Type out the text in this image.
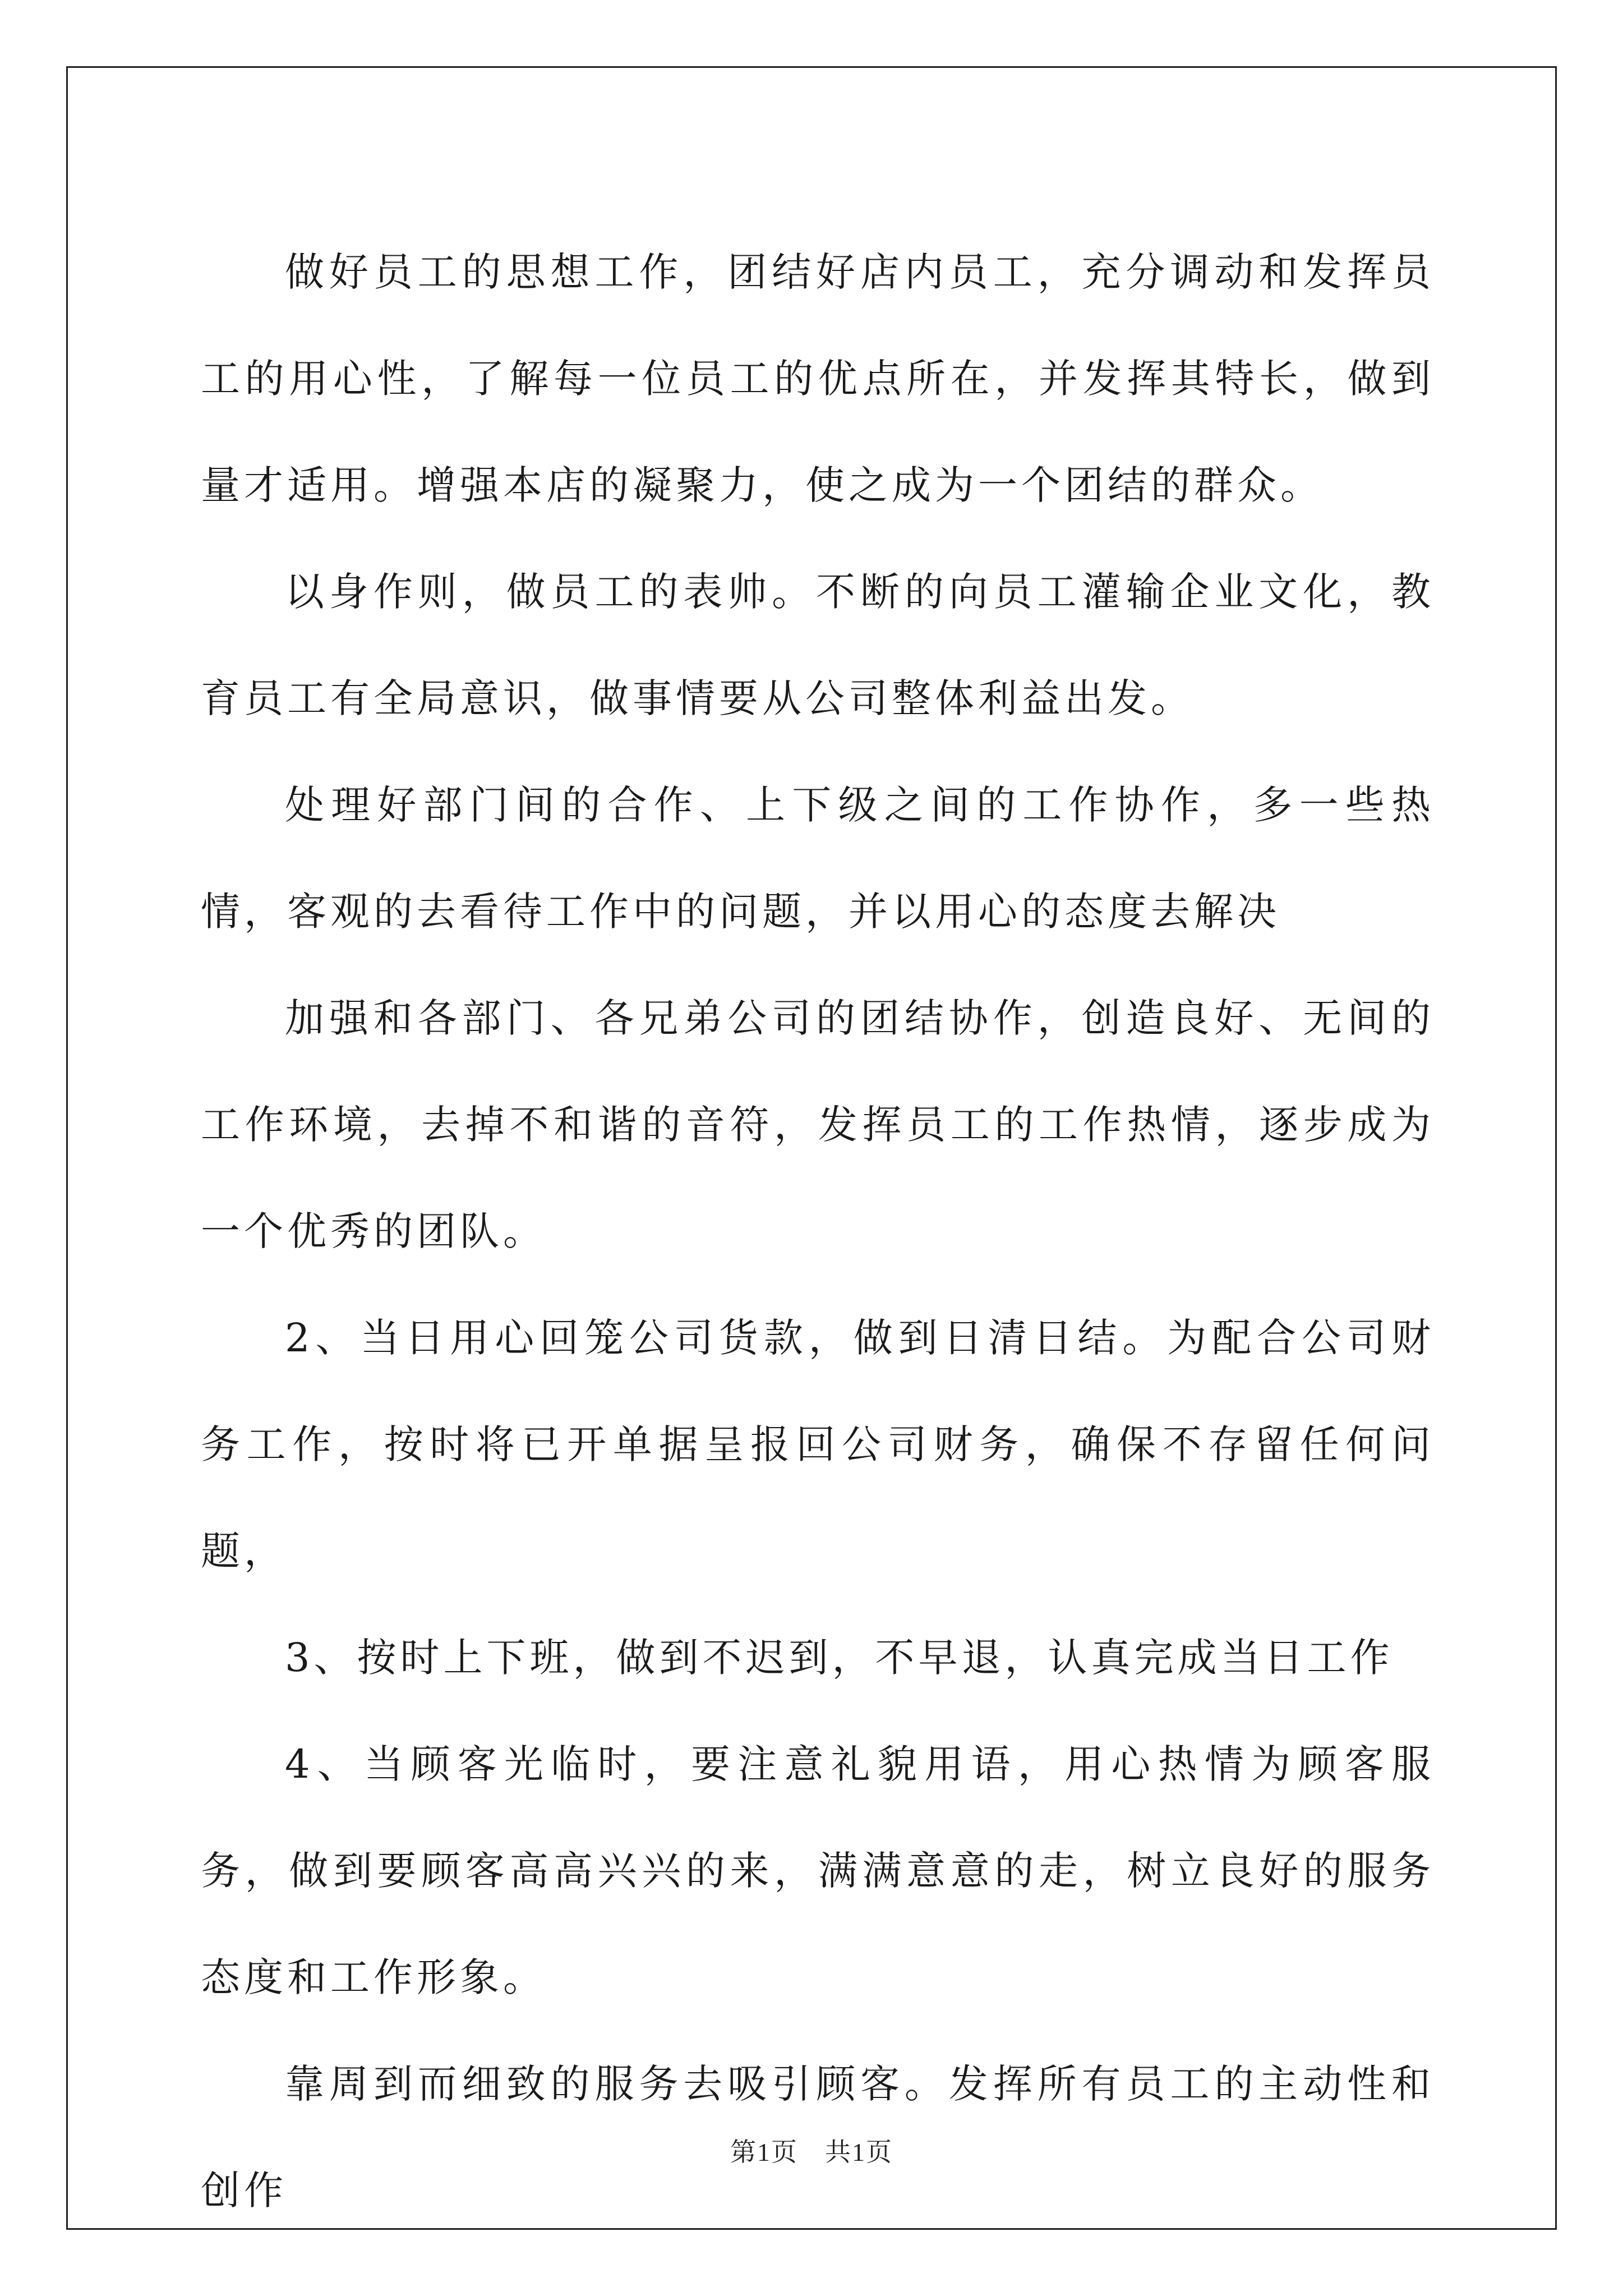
做好员工的思想工作，团结好店内员工，充分调动和发挥员工的用心性，了解每一位员工的优点所在，并发挥其特长，做到量才适用。增强本店的凝聚力，使之成为一个团结的群众。

以身作则，做员工的表帅。不断的向员工灌输企业文化，教育员工有全局意识，做事情要从公司整体利益出发。

处理好部门间的合作、上下级之间的工作协作，多一些热情，客观的去看待工作中的问题，并以用心的态度去解决

加强和各部门、各兄弟公司的团结协作，创造良好、无间的工作环境，去掉不和谐的音符，发挥员工的工作热情，逐步成为一个优秀的团队。

2、当日用心回笼公司货款，做到日清日结。为配合公司财务工作，按时将已开单据呈报回公司财务，确保不存留任何问题，

3、按时上下班，做到不迟到，不早退，认真完成当日工作

4、当顾客光临时，要注意礼貌用语，用心热情为顾客服务，做到要顾客高高兴兴的来，满满意意的走，树立良好的服务态度和工作形象。

靠周到而细致的服务去吸引顾客。发挥所有员工的主动性和创作

第1页　共1页
